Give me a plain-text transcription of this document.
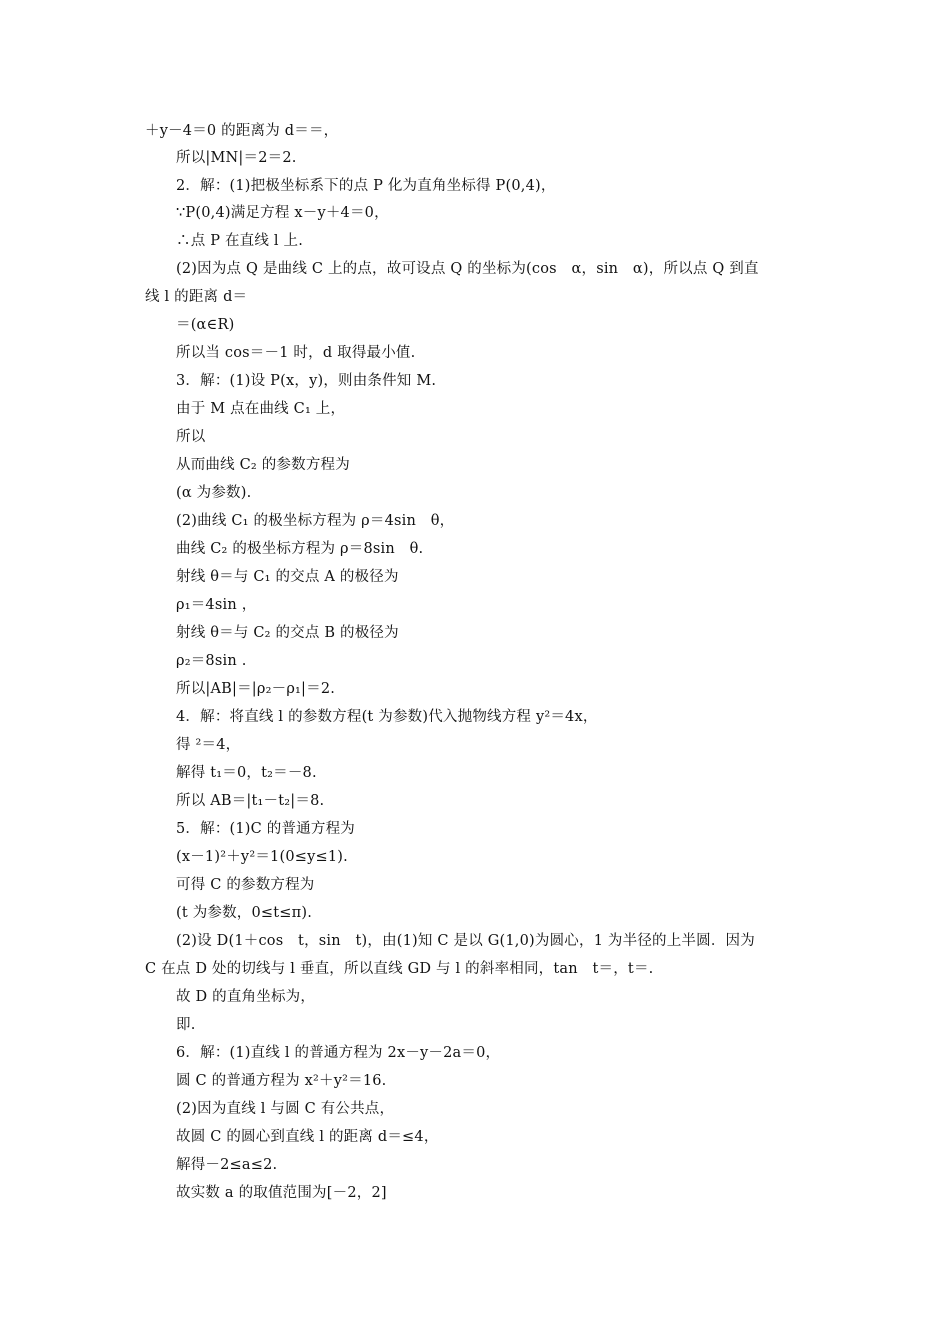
＋y－4＝0 的距离为 d＝＝，
所以|MN|＝2＝2.
2．解：(1)把极坐标系下的点 P 化为直角坐标得 P(0,4)，
∵P(0,4)满足方程 x－y＋4＝0，
∴点 P 在直线 l 上.
(2)因为点 Q 是曲线 C 上的点，故可设点 Q 的坐标为(cos　α，sin　α)，所以点 Q 到直
线 l 的距离 d＝
＝(α∈R)
所以当 cos＝－1 时，d 取得最小值.
3．解：(1)设 P(x，y)，则由条件知 M.
由于 M 点在曲线 C₁ 上，
所以
从而曲线 C₂ 的参数方程为
(α 为参数).
(2)曲线 C₁ 的极坐标方程为 ρ＝4sin　θ，
曲线 C₂ 的极坐标方程为 ρ＝8sin　θ.
射线 θ＝与 C₁ 的交点 A 的极径为
ρ₁＝4sin ，
射线 θ＝与 C₂ 的交点 B 的极径为
ρ₂＝8sin .
所以|AB|＝|ρ₂－ρ₁|＝2.
4．解：将直线 l 的参数方程(t 为参数)代入抛物线方程 y²＝4x，
得 ²＝4，
解得 t₁＝0，t₂＝－8.
所以 AB＝|t₁－t₂|＝8.
5．解：(1)C 的普通方程为
(x－1)²＋y²＝1(0≤y≤1).
可得 C 的参数方程为
(t 为参数，0≤t≤π).
(2)设 D(1＋cos　t，sin　t)，由(1)知 C 是以 G(1,0)为圆心，1 为半径的上半圆．因为
C 在点 D 处的切线与 l 垂直，所以直线 GD 与 l 的斜率相同，tan　t＝，t＝.
故 D 的直角坐标为，
即.
6．解：(1)直线 l 的普通方程为 2x－y－2a＝0，
圆 C 的普通方程为 x²＋y²＝16.
(2)因为直线 l 与圆 C 有公共点，
故圆 C 的圆心到直线 l 的距离 d＝≤4，
解得－2≤a≤2.
故实数 a 的取值范围为[－2，2]
